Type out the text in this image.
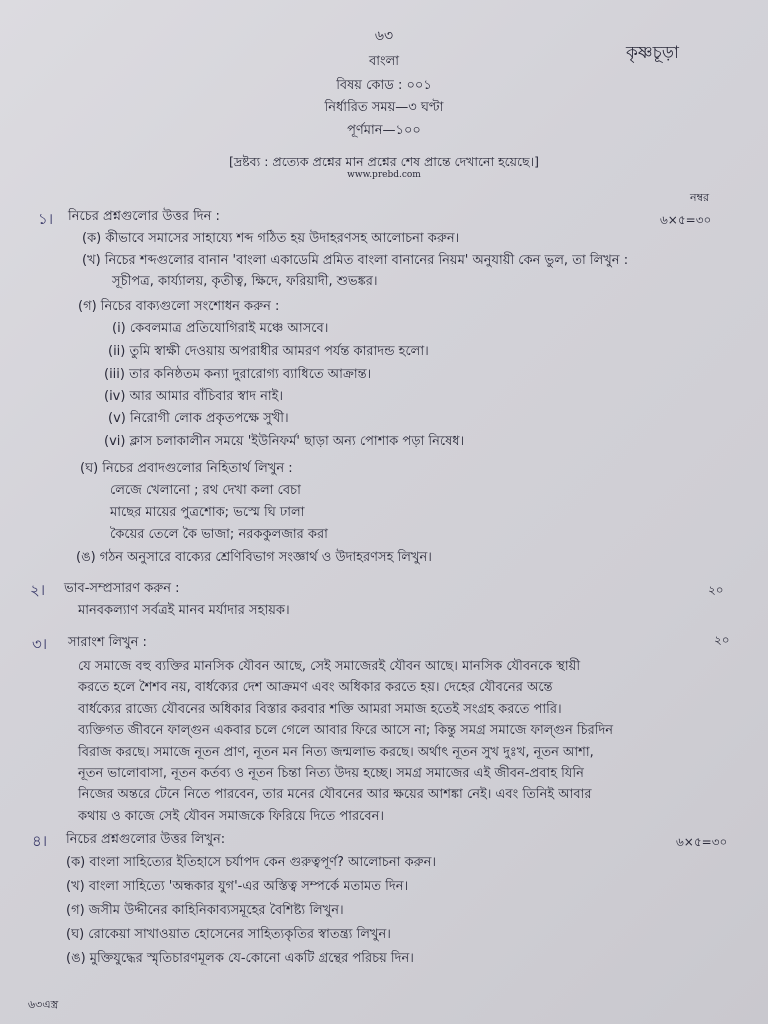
৬৩
কৃষ্ণচূড়া
বাংলা
বিষয় কোড : ০০১
নির্ধারিত সময়—৩ ঘণ্টা
পূর্ণমান—১০০
[দ্রষ্টব্য : প্রত্যেক প্রশ্নের মান প্রশ্নের শেষ প্রান্তে দেখানো হয়েছে।]
www.prebd.com
নম্বর
১। নিচের প্রশ্নগুলোর উত্তর দিন :	৬×৫=৩০
(ক) কীভাবে সমাসের সাহায্যে শব্দ গঠিত হয় উদাহরণসহ আলোচনা করুন।
(খ) নিচের শব্দগুলোর বানান 'বাংলা একাডেমি প্রমিত বাংলা বানানের নিয়ম' অনুযায়ী কেন ভুল, তা লিখুন :
সূচীপত্র, কার্য্যালয়, কৃতীত্ব, ক্ষিদে, ফরিয়াদী, শুভঙ্কর।
(গ) নিচের বাক্যগুলো সংশোধন করুন :
(i) কেবলমাত্র প্রতিযোগিরাই মঞ্চে আসবে।
(ii) তুমি স্বাক্ষী দেওয়ায় অপরাধীর আমরণ পর্যন্ত কারাদন্ড হলো।
(iii) তার কনিষ্ঠতম কন্যা দুরারোগ্য ব্যাধিতে আক্রান্ত।
(iv) আর আমার বাঁচিবার স্বাদ নাই।
(v) নিরোগী লোক প্রকৃতপক্ষে সুখী।
(vi) ক্লাস চলাকালীন সময়ে 'ইউনিফর্ম' ছাড়া অন্য পোশাক পড়া নিষেধ।
(ঘ) নিচের প্রবাদগুলোর নিহিতার্থ লিখুন :
লেজে খেলানো ; রথ দেখা কলা বেচা
মাছের মায়ের পুত্রশোক; ভস্মে ঘি ঢালা
কৈয়ের তেলে কৈ ভাজা; নরককুলজার করা
(ঙ) গঠন অনুসারে বাক্যের শ্রেণিবিভাগ সংজ্ঞার্থ ও উদাহরণসহ লিখুন।
২। ভাব-সম্প্রসারণ করুন :	২০
মানবকল্যাণ সর্বত্রই মানব মর্যাদার সহায়ক।
৩। সারাংশ লিখুন :	২০
যে সমাজে বহু ব্যক্তির মানসিক যৌবন আছে, সেই সমাজেরই যৌবন আছে। মানসিক যৌবনকে স্থায়ী
করতে হলে শৈশব নয়, বার্ধক্যের দেশ আক্রমণ এবং অধিকার করতে হয়। দেহের যৌবনের অন্তে
বার্ধক্যের রাজ্যে যৌবনের অধিকার বিস্তার করবার শক্তি আমরা সমাজ হতেই সংগ্রহ করতে পারি।
ব্যক্তিগত জীবনে ফাল্গুন একবার চলে গেলে আবার ফিরে আসে না; কিন্তু সমগ্র সমাজে ফাল্গুন চিরদিন
বিরাজ করছে। সমাজে নূতন প্রাণ, নূতন মন নিত্য জন্মলাভ করছে। অর্থাৎ নূতন সুখ দুঃখ, নূতন আশা,
নূতন ভালোবাসা, নূতন কর্তব্য ও নূতন চিন্তা নিত্য উদয় হচ্ছে। সমগ্র সমাজের এই জীবন-প্রবাহ যিনি
নিজের অন্তরে টেনে নিতে পারবেন, তার মনের যৌবনের আর ক্ষয়ের আশঙ্কা নেই। এবং তিনিই আবার
কথায় ও কাজে সেই যৌবন সমাজকে ফিরিয়ে দিতে পারবেন।
৪। নিচের প্রশ্নগুলোর উত্তর লিখুন:	৬×৫=৩০
(ক) বাংলা সাহিত্যের ইতিহাসে চর্যাপদ কেন গুরুত্বপূর্ণ? আলোচনা করুন।
(খ) বাংলা সাহিত্যে 'অন্ধকার যুগ'-এর অস্তিত্ব সম্পর্কে মতামত দিন।
(গ) জসীম উদ্দীনের কাহিনিকাব্যসমূহের বৈশিষ্ট্য লিখুন।
(ঘ) রোকেয়া সাখাওয়াত হোসেনের সাহিত্যকৃতির স্বাতন্ত্র্য লিখুন।
(ঙ) মুক্তিযুদ্ধের স্মৃতিচারণমূলক যে-কোনো একটি গ্রন্থের পরিচয় দিন।
৬৩এস্ত্র
